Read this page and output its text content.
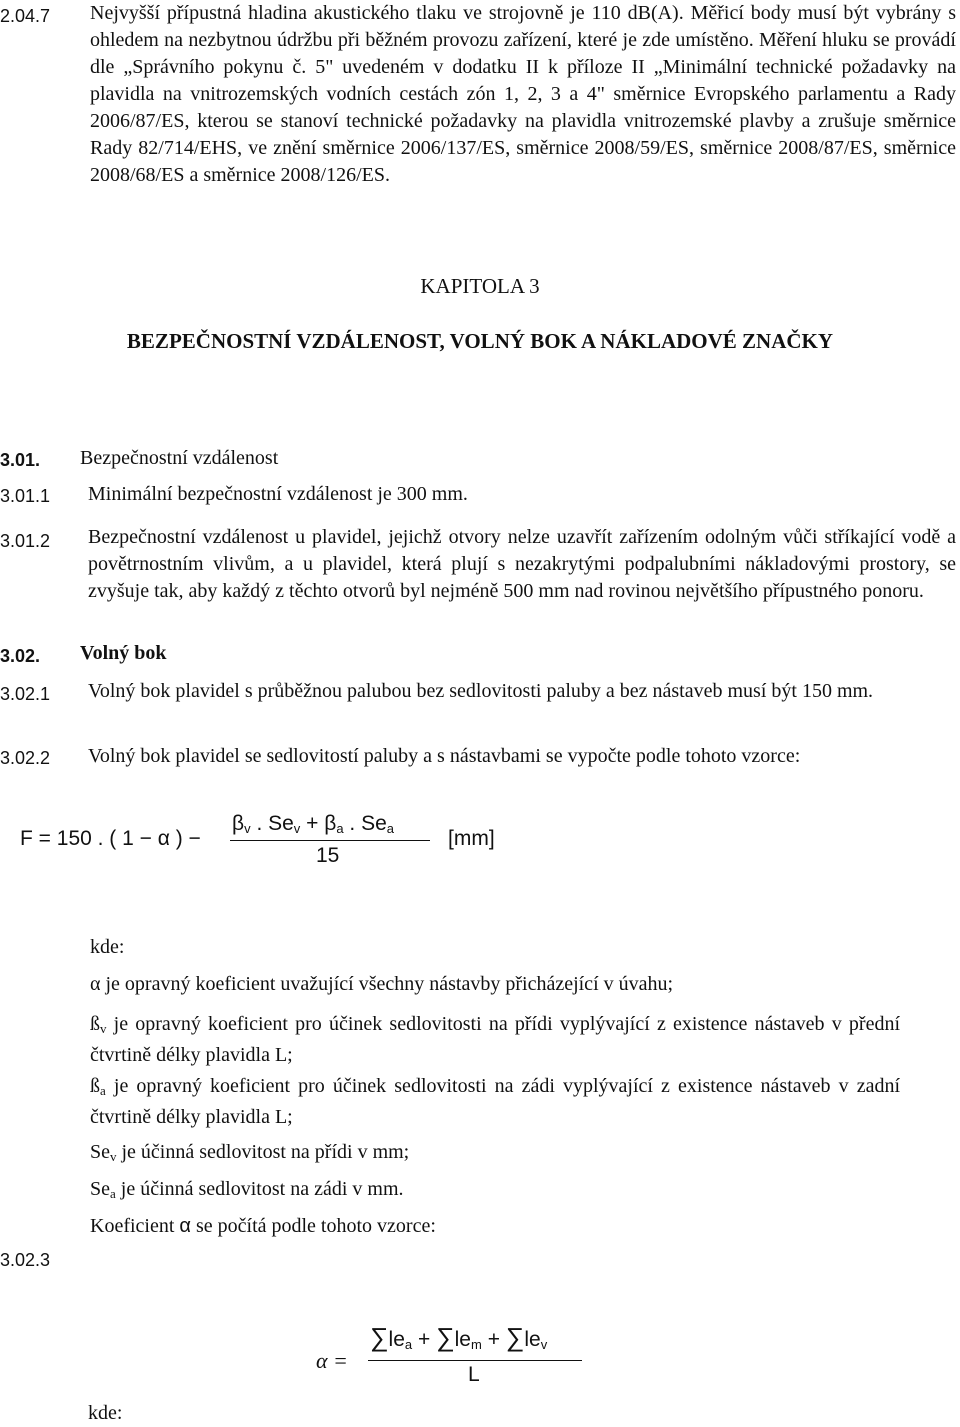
2.04.7 Nejvyšší přípustná hladina akustického tlaku ve strojovně je 110 dB(A). Měřicí body musí být vybrány s ohledem na nezbytnou údržbu při běžném provozu zařízení, které je zde umístěno. Měření hluku se provádí dle „Správního pokynu č. 5" uvedeném v dodatku II k příloze II „Minimální technické požadavky na plavidla na vnitrozemských vodních cestách zón 1, 2, 3 a 4" směrnice Evropského parlamentu a Rady 2006/87/ES, kterou se stanoví technické požadavky na plavidla vnitrozemské plavby a zrušuje směrnice Rady 82/714/EHS, ve znění směrnice 2006/137/ES, směrnice 2008/59/ES, směrnice 2008/87/ES, směrnice 2008/68/ES a směrnice 2008/126/ES.
KAPITOLA 3
BEZPEČNOSTNÍ VZDÁLENOST, VOLNÝ BOK A NÁKLADOVÉ ZNAČKY
3.01. Bezpečnostní vzdálenost
3.01.1 Minimální bezpečnostní vzdálenost je 300 mm.
3.01.2 Bezpečnostní vzdálenost u plavidel, jejichž otvory nelze uzavřít zařízením odolným vůči stříkající vodě a povětrnostním vlivům, a u plavidel, která plují s nezakrytými podpalubními nákladovými prostory, se zvyšuje tak, aby každý z těchto otvorů byl nejméně 500 mm nad rovinou největšího přípustného ponoru.
3.02. Volný bok
3.02.1 Volný bok plavidel s průběžnou palubou bez sedlovitosti paluby a bez nástaveb musí být 150 mm.
3.02.2 Volný bok plavidel se sedlovitostí paluby a s nástavbami se vypočte podle tohoto vzorce:
F = 150 . ( 1 − α ) −
$\beta_v$ . $Se_v + \beta_a$ . $Se_a$
15
[mm]
kde:
α je opravný koeficient uvažující všechny nástavby přicházející v úvahu;
$ß_v$ je opravný koeficient pro účinek sedlovitosti na přídi vyplývající z existence nástaveb v přední čtvrtině délky plavidla L;
$ß_a$ je opravný koeficient pro účinek sedlovitosti na zádi vyplývající z existence nástaveb v zadní čtvrtině délky plavidla L;
$Se_v$ je účinná sedlovitost na přídi v mm;
$Se_a$ je účinná sedlovitost na zádi v mm.
Koeficient α se počítá podle tohoto vzorce:
3.02.3
α =
$\sum le_a + \sum le_m + \sum le_v$
L
kde:
